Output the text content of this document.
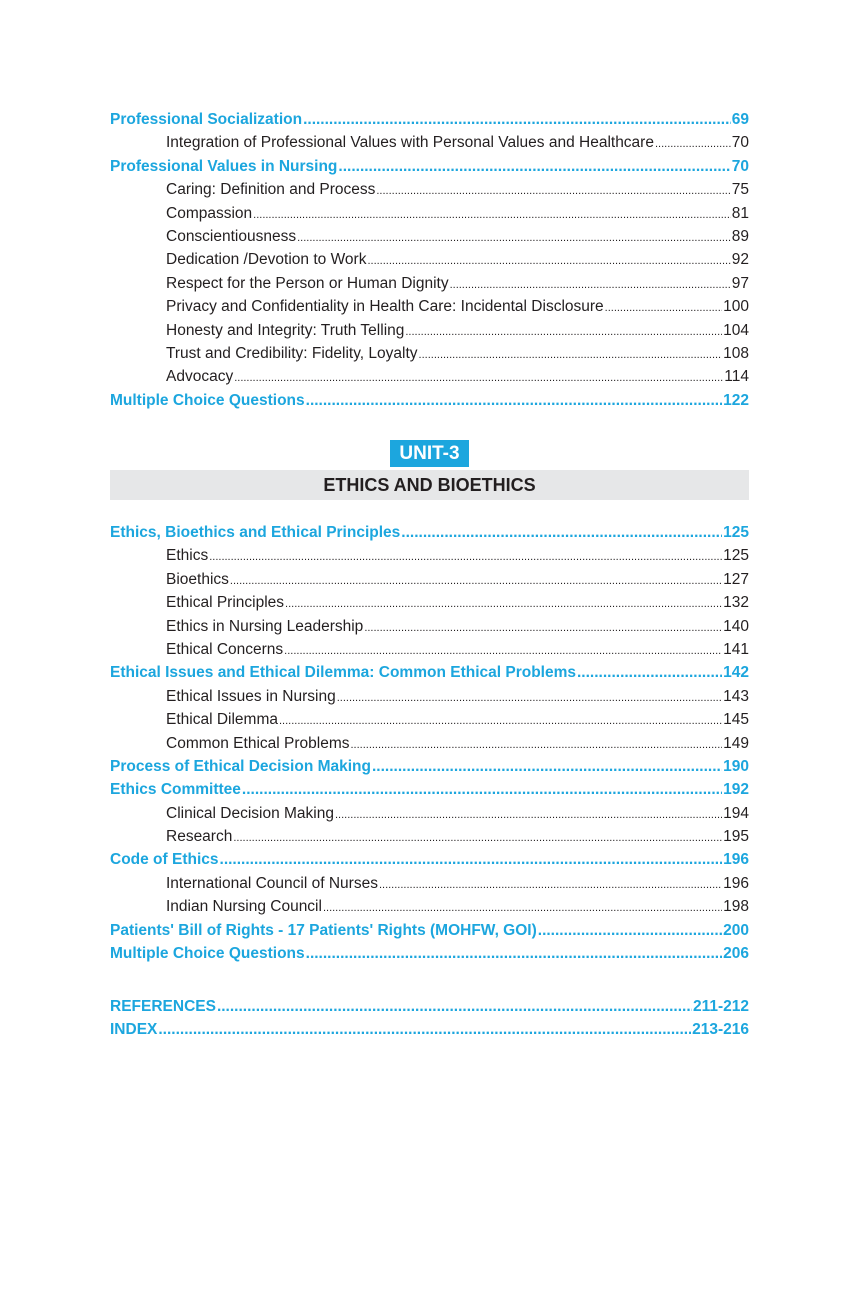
Professional Socialization .....	69
Integration of Professional Values with Personal Values and Healthcare .....	70
Professional Values in Nursing .....	70
Caring: Definition and Process .....	75
Compassion .....	81
Conscientiousness .....	89
Dedication /Devotion to Work .....	92
Respect for the Person or Human Dignity .....	97
Privacy and Confidentiality in Health Care: Incidental Disclosure .....	100
Honesty and Integrity: Truth Telling .....	104
Trust and Credibility: Fidelity, Loyalty .....	108
Advocacy .....	114
Multiple Choice Questions .....	122
UNIT-3
ETHICS AND BIOETHICS
Ethics, Bioethics and Ethical Principles .....	125
Ethics .....	125
Bioethics .....	127
Ethical Principles .....	132
Ethics in Nursing Leadership .....	140
Ethical Concerns .....	141
Ethical Issues and Ethical Dilemma: Common Ethical Problems .....	142
Ethical Issues in Nursing .....	143
Ethical Dilemma .....	145
Common Ethical Problems .....	149
Process of Ethical Decision Making .....	190
Ethics Committee .....	192
Clinical Decision Making .....	194
Research .....	195
Code of Ethics .....	196
International Council of Nurses .....	196
Indian Nursing Council .....	198
Patients' Bill of Rights - 17 Patients' Rights (MOHFW, GOI) .....	200
Multiple Choice Questions .....	206
REFERENCES .....	211-212
INDEX .....	213-216
